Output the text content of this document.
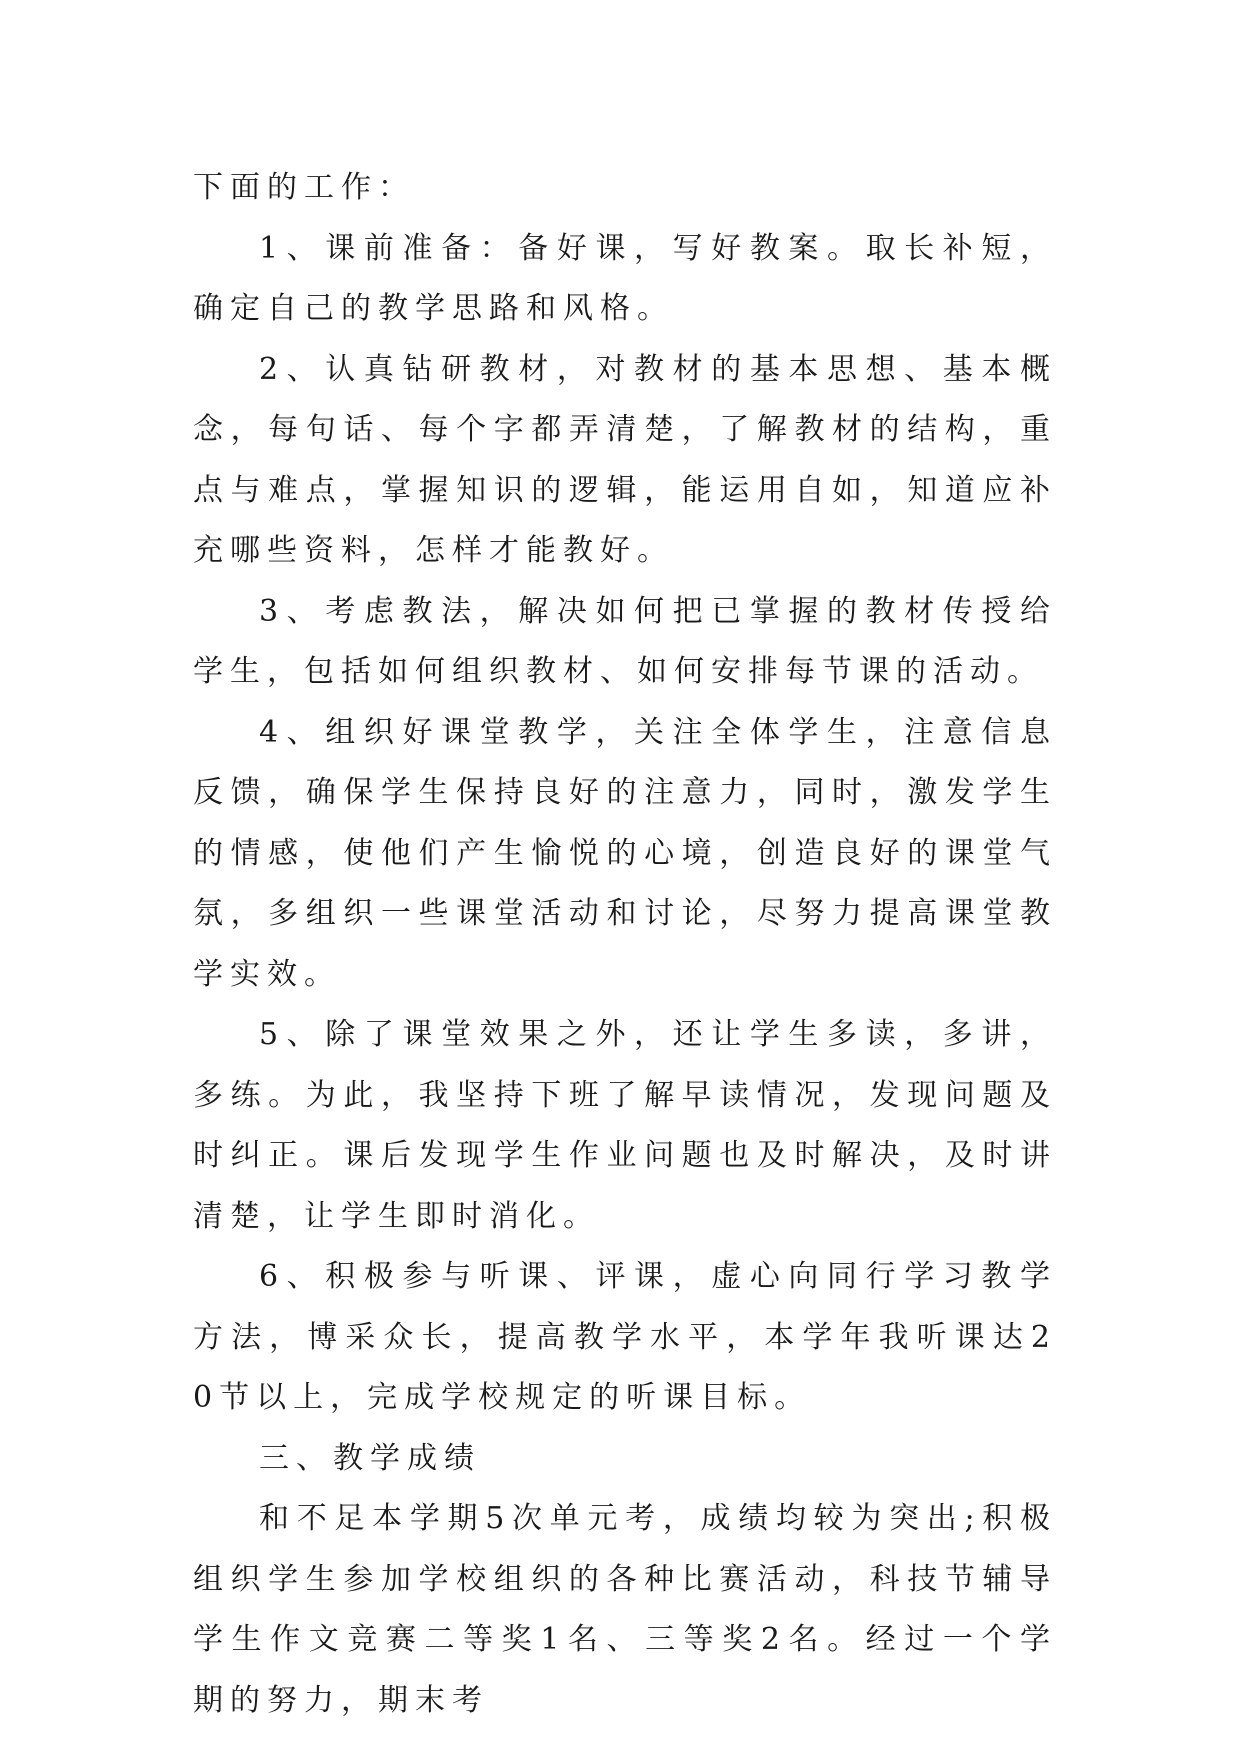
下面的工作：

1、课前准备：备好课，写好教案。取长补短，确定自己的教学思路和风格。

2、认真钻研教材，对教材的基本思想、基本概念，每句话、每个字都弄清楚，了解教材的结构，重点与难点，掌握知识的逻辑，能运用自如，知道应补充哪些资料，怎样才能教好。

3、考虑教法，解决如何把已掌握的教材传授给学生，包括如何组织教材、如何安排每节课的活动。

4、组织好课堂教学，关注全体学生，注意信息反馈，确保学生保持良好的注意力，同时，激发学生的情感，使他们产生愉悦的心境，创造良好的课堂气氛，多组织一些课堂活动和讨论，尽努力提高课堂教学实效。

5、除了课堂效果之外，还让学生多读，多讲，多练。为此，我坚持下班了解早读情况，发现问题及时纠正。课后发现学生作业问题也及时解决，及时讲清楚，让学生即时消化。

6、积极参与听课、评课，虚心向同行学习教学方法，博采众长，提高教学水平，本学年我听课达20节以上，完成学校规定的听课目标。

三、教学成绩

和不足本学期5次单元考，成绩均较为突出;积极组织学生参加学校组织的各种比赛活动，科技节辅导学生作文竞赛二等奖1名、三等奖2名。经过一个学期的努力，期末考
